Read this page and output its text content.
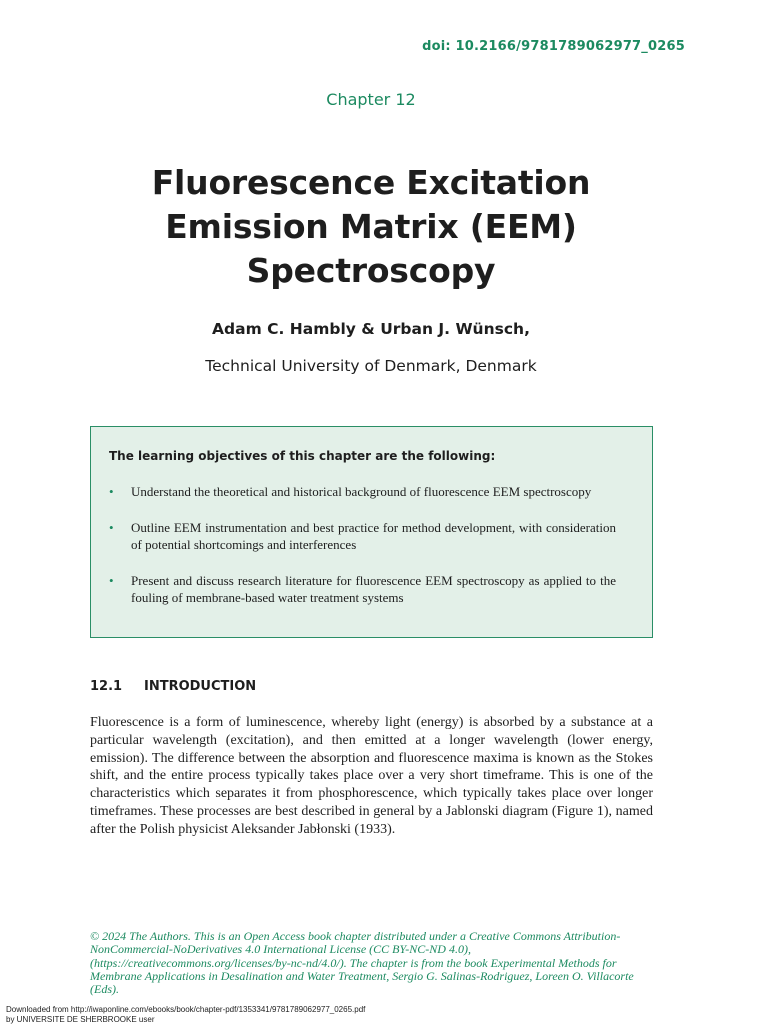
doi: 10.2166/9781789062977_0265
Chapter 12
Fluorescence Excitation
Emission Matrix (EEM)
Spectroscopy
Adam C. Hambly & Urban J. Wünsch,
Technical University of Denmark, Denmark
The learning objectives of this chapter are the following:
• Understand the theoretical and historical background of fluorescence EEM spectroscopy
• Outline EEM instrumentation and best practice for method development, with consideration of potential shortcomings and interferences
• Present and discuss research literature for fluorescence EEM spectroscopy as applied to the fouling of membrane-based water treatment systems
12.1 INTRODUCTION

Fluorescence is a form of luminescence, whereby light (energy) is absorbed by a substance at a particular wavelength (excitation), and then emitted at a longer wavelength (lower energy, emission). The difference between the absorption and fluorescence maxima is known as the Stokes shift, and the entire process typically takes place over a very short timeframe. This is one of the characteristics which separates it from phosphorescence, which typically takes place over longer timeframes. These processes are best described in general by a Jablonski diagram (Figure 1), named after the Polish physicist Aleksander Jabłonski (1933).

© 2024 The Authors. This is an Open Access book chapter distributed under a Creative Commons Attribution-NonCommercial-NoDerivatives 4.0 International License (CC BY-NC-ND 4.0), (https://creativecommons.org/licenses/by-nc-nd/4.0/). The chapter is from the book Experimental Methods for Membrane Applications in Desalination and Water Treatment, Sergio G. Salinas-Rodriguez, Loreen O. Villacorte (Eds).

Downloaded from http://iwaponline.com/ebooks/book/chapter-pdf/1353341/9781789062977_0265.pdf
by UNIVERSITE DE SHERBROOKE user
